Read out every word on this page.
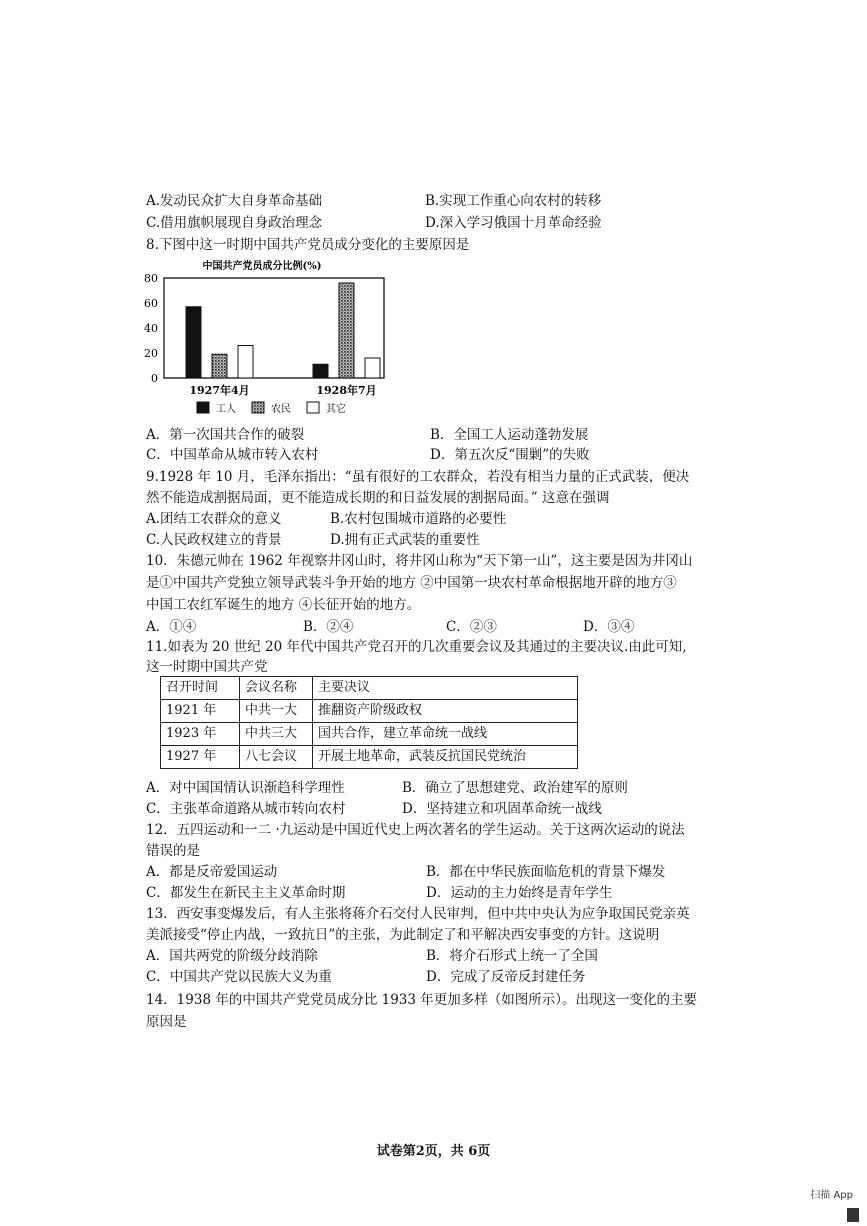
A.发动民众扩大自身革命基础	B.实现工作重心向农村的转移
C.借用旗帜展现自身政治理念	D.深入学习俄国十月革命经验
8.下图中这一时期中国共产党员成分变化的主要原因是
中国共产党员成分比例(%)
80
60
40
20
0
1927年4月	1928年7月
工人	农民	其它
A．第一次国共合作的破裂	B．全国工人运动蓬勃发展
C．中国革命从城市转入农村	D．第五次反“围剿”的失败
9.1928 年 10 月，毛泽东指出：“虽有很好的工农群众，若没有相当力量的正式武装，便决
然不能造成割据局面，更不能造成长期的和日益发展的割据局面。” 这意在强调
A.团结工农群众的意义	B.农村包围城市道路的必要性
C.人民政权建立的背景	D.拥有正式武装的重要性
10．朱德元帅在 1962 年视察井冈山时，将井冈山称为“天下第一山”，这主要是因为井冈山
是①中国共产党独立领导武装斗争开始的地方 ②中国第一块农村革命根据地开辟的地方③
中国工农红军诞生的地方 ④长征开始的地方。
A．①④	B．②④	C．②③	D．③④
11.如表为 20 世纪 20 年代中国共产党召开的几次重要会议及其通过的主要决议.由此可知,
这一时期中国共产党
召开时间	会议名称	主要决议
1921 年	中共一大	推翻资产阶级政权
1923 年	中共三大	国共合作，建立革命统一战线
1927 年	八七会议	开展土地革命，武装反抗国民党统治
A．对中国国情认识渐趋科学理性	B．确立了思想建党、政治建军的原则
C．主张革命道路从城市转向农村	D．坚持建立和巩固革命统一战线
12．五四运动和一二 ·九运动是中国近代史上两次著名的学生运动。关于这两次运动的说法
错误的是
A．都是反帝爱国运动	B．都在中华民族面临危机的背景下爆发
C．都发生在新民主主义革命时期	D．运动的主力始终是青年学生
13．西安事变爆发后，有人主张将蒋介石交付人民审判，但中共中央认为应争取国民党亲英
美派接受“停止内战，一致抗日”的主张，为此制定了和平解决西安事变的方针。这说明
A．国共两党的阶级分歧消除	B．将介石形式上统一了全国
C．中国共产党以民族大义为重	D．完成了反帝反封建任务
14．1938 年的中国共产党党员成分比 1933 年更加多样（如图所示）。出现这一变化的主要
原因是
试卷第2页，共 6页
扫描 App
